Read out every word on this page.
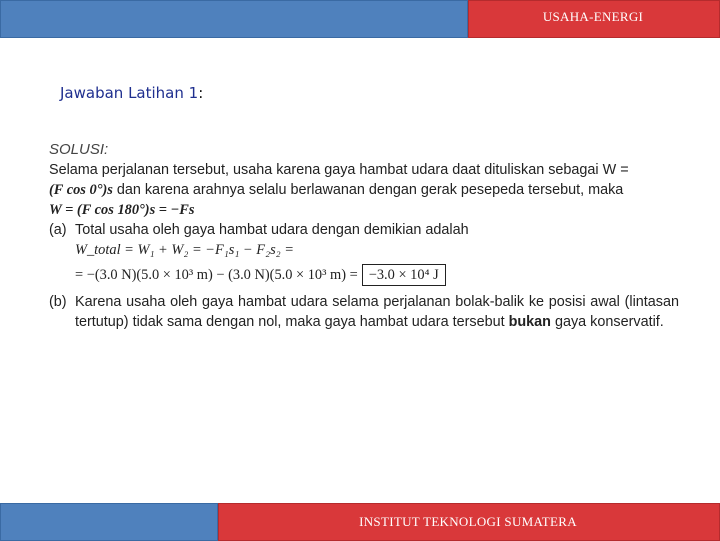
USAHA-ENERGI
Jawaban Latihan 1:
SOLUSI:
Selama perjalanan tersebut, usaha karena gaya hambat udara daat dituliskan sebagai W =
(F cos 0°)s dan karena arahnya selalu berlawanan dengan gerak pesepeda tersebut, maka
W = (F cos 180°)s = −Fs
(a) Total usaha oleh gaya hambat udara dengan demikian adalah
W_total = W₁ + W₂ = −F₁s₁ − F₂s₂ =
= −(3.0 N)(5.0 × 10³ m) − (3.0 N)(5.0 × 10³ m) = −3.0 × 10⁴ J
(b) Karena usaha oleh gaya hambat udara selama perjalanan bolak-balik ke posisi awal (lintasan tertutup) tidak sama dengan nol, maka gaya hambat udara tersebut bukan gaya konservatif.
INSTITUT TEKNOLOGI SUMATERA
